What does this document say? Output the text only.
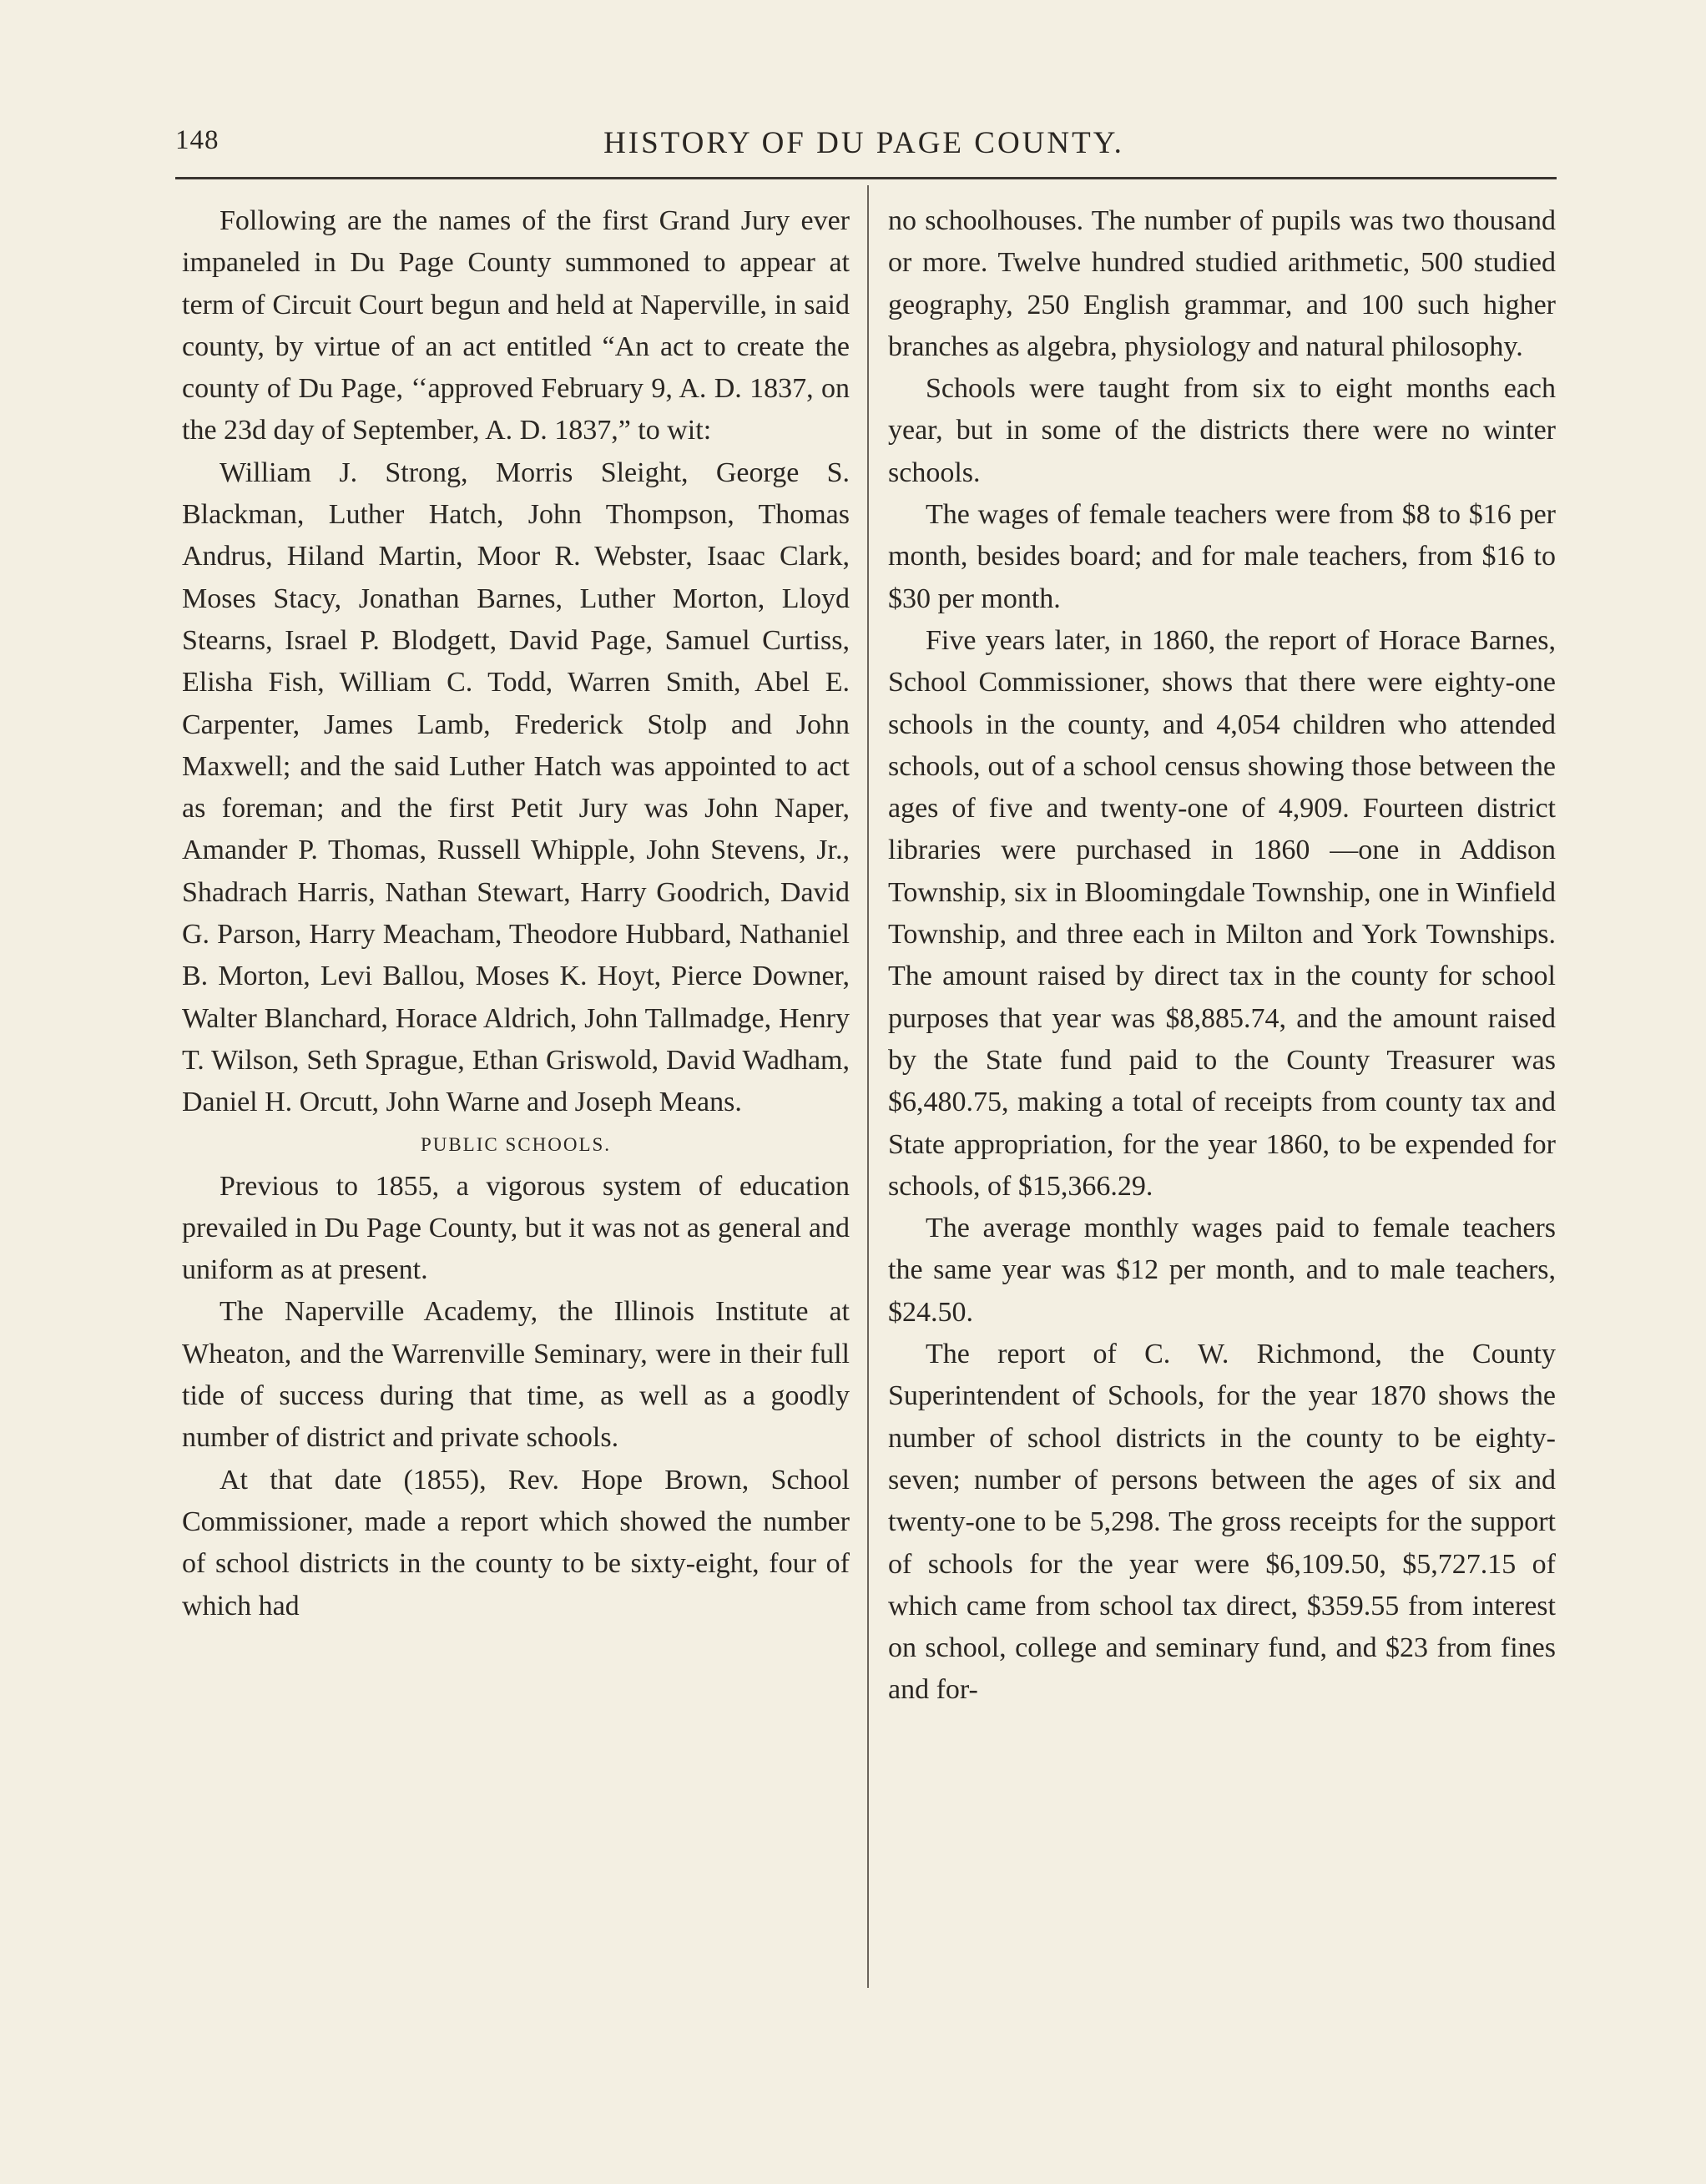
148	HISTORY OF DU PAGE COUNTY.

Following are the names of the first Grand Jury ever impaneled in Du Page County summoned to appear at term of Circuit Court begun and held at Naperville, in said county, by virtue of an act entitled “An act to create the county of Du Page, ‘‘approved February 9, A. D. 1837, on the 23d day of September, A. D. 1837,” to wit:

William J. Strong, Morris Sleight, George S. Blackman, Luther Hatch, John Thompson, Thomas Andrus, Hiland Martin, Moor R. Webster, Isaac Clark, Moses Stacy, Jonathan Barnes, Luther Morton, Lloyd Stearns, Israel P. Blodgett, David Page, Samuel Curtiss, Elisha Fish, William C. Todd, Warren Smith, Abel E. Carpenter, James Lamb, Frederick Stolp and John Maxwell; and the said Luther Hatch was appointed to act as foreman; and the first Petit Jury was John Naper, Amander P. Thomas, Russell Whipple, John Stevens, Jr., Shadrach Harris, Nathan Stewart, Harry Goodrich, David G. Parson, Harry Meacham, Theodore Hubbard, Nathaniel B. Morton, Levi Ballou, Moses K. Hoyt, Pierce Downer, Walter Blanchard, Horace Aldrich, John Tallmadge, Henry T. Wilson, Seth Sprague, Ethan Griswold, David Wadham, Daniel H. Orcutt, John Warne and Joseph Means.

PUBLIC SCHOOLS.

Previous to 1855, a vigorous system of education prevailed in Du Page County, but it was not as general and uniform as at present.

The Naperville Academy, the Illinois Institute at Wheaton, and the Warrenville Seminary, were in their full tide of success during that time, as well as a goodly number of district and private schools.

At that date (1855), Rev. Hope Brown, School Commissioner, made a report which showed the number of school districts in the county to be sixty-eight, four of which had

no schoolhouses. The number of pupils was two thousand or more. Twelve hundred studied arithmetic, 500 studied geography, 250 English grammar, and 100 such higher branches as algebra, physiology and natural philosophy.

Schools were taught from six to eight months each year, but in some of the districts there were no winter schools.

The wages of female teachers were from $8 to $16 per month, besides board; and for male teachers, from $16 to $30 per month.

Five years later, in 1860, the report of Horace Barnes, School Commissioner, shows that there were eighty-one schools in the county, and 4,054 children who attended schools, out of a school census showing those between the ages of five and twenty-one of 4,909. Fourteen district libraries were purchased in 1860 —one in Addison Township, six in Bloomingdale Township, one in Winfield Township, and three each in Milton and York Townships. The amount raised by direct tax in the county for school purposes that year was $8,885.74, and the amount raised by the State fund paid to the County Treasurer was $6,480.75, making a total of receipts from county tax and State appropriation, for the year 1860, to be expended for schools, of $15,366.29.

The average monthly wages paid to female teachers the same year was $12 per month, and to male teachers, $24.50.

The report of C. W. Richmond, the County Superintendent of Schools, for the year 1870 shows the number of school districts in the county to be eighty-seven; number of persons between the ages of six and twenty-one to be 5,298. The gross receipts for the support of schools for the year were $6,109.50, $5,727.15 of which came from school tax direct, $359.55 from interest on school, college and seminary fund, and $23 from fines and for-
